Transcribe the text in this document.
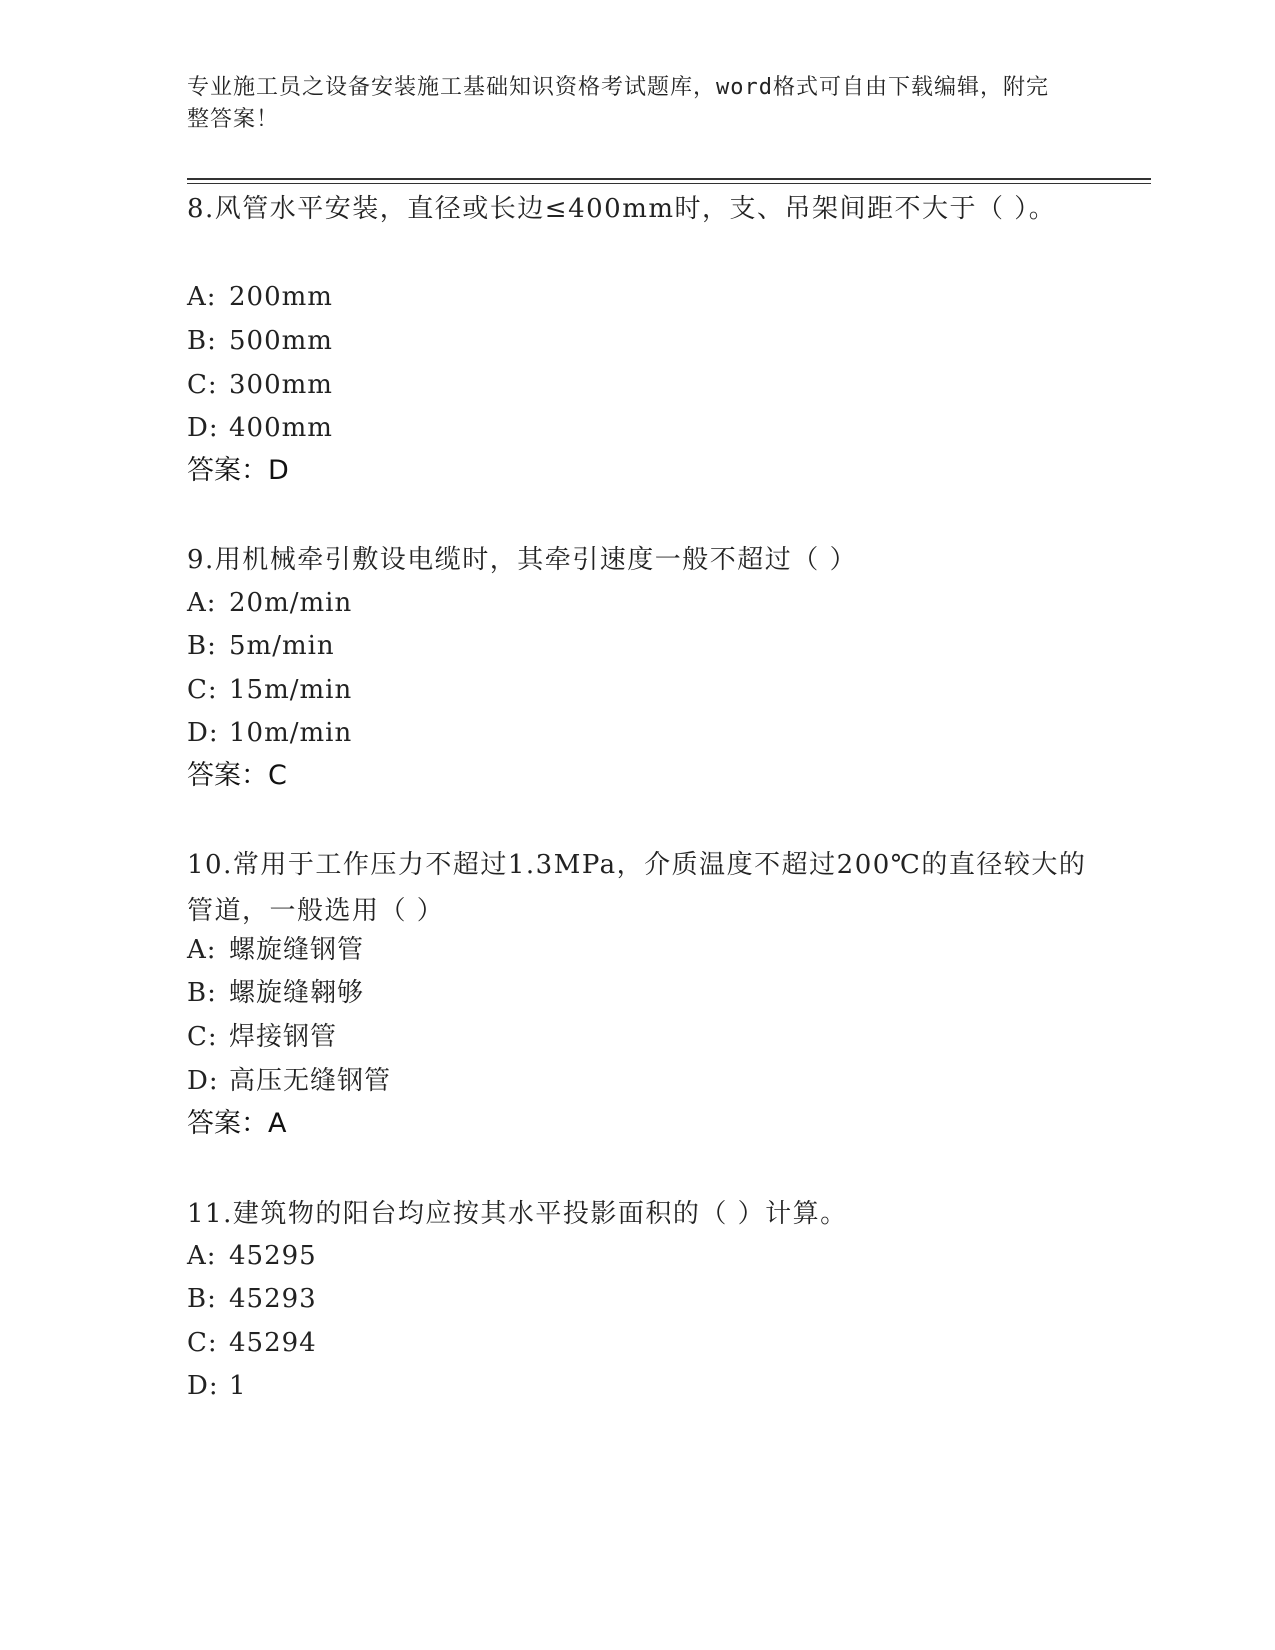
专业施工员之设备安装施工基础知识资格考试题库，word格式可自由下载编辑，附完整答案！
8.风管水平安装，直径或长边≤400mm时，支、吊架间距不大于（ ）。
A: 200mm
B: 500mm
C: 300mm
D: 400mm
答案：D
9.用机械牵引敷设电缆时，其牵引速度一般不超过（ ）
A: 20m/min
B: 5m/min
C: 15m/min
D: 10m/min
答案：C
10.常用于工作压力不超过1.3MPa，介质温度不超过200℃的直径较大的管道，一般选用（ ）
A: 螺旋缝钢管
B: 螺旋缝翱够
C: 焊接钢管
D: 高压无缝钢管
答案：A
11.建筑物的阳台均应按其水平投影面积的（ ）计算。
A: 45295
B: 45293
C: 45294
D: 1
